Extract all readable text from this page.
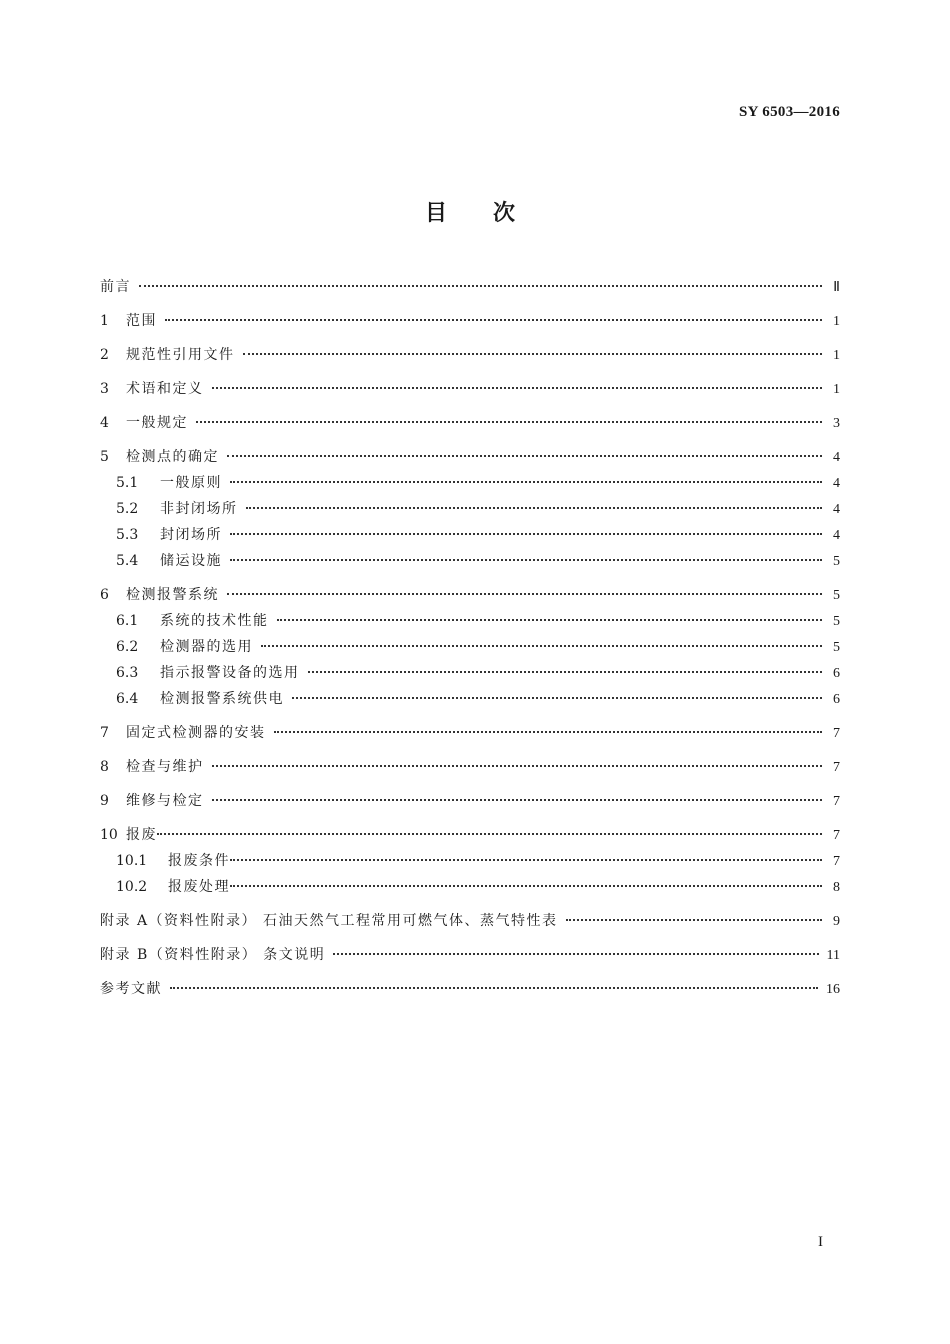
SY 6503—2016
目次
前言	Ⅱ
1	范围	1
2	规范性引用文件	1
3	术语和定义	1
4	一般规定	3
5	检测点的确定	4
5.1	一般原则	4
5.2	非封闭场所	4
5.3	封闭场所	4
5.4	储运设施	5
6	检测报警系统	5
6.1	系统的技术性能	5
6.2	检测器的选用	5
6.3	指示报警设备的选用	6
6.4	检测报警系统供电	6
7	固定式检测器的安装	7
8	检查与维护	7
9	维修与检定	7
10 报废	7
10.1	报废条件	7
10.2	报废处理	8
附录 A（资料性附录） 石油天然气工程常用可燃气体、蒸气特性表	9
附录 B（资料性附录） 条文说明	11
参考文献	16
I
